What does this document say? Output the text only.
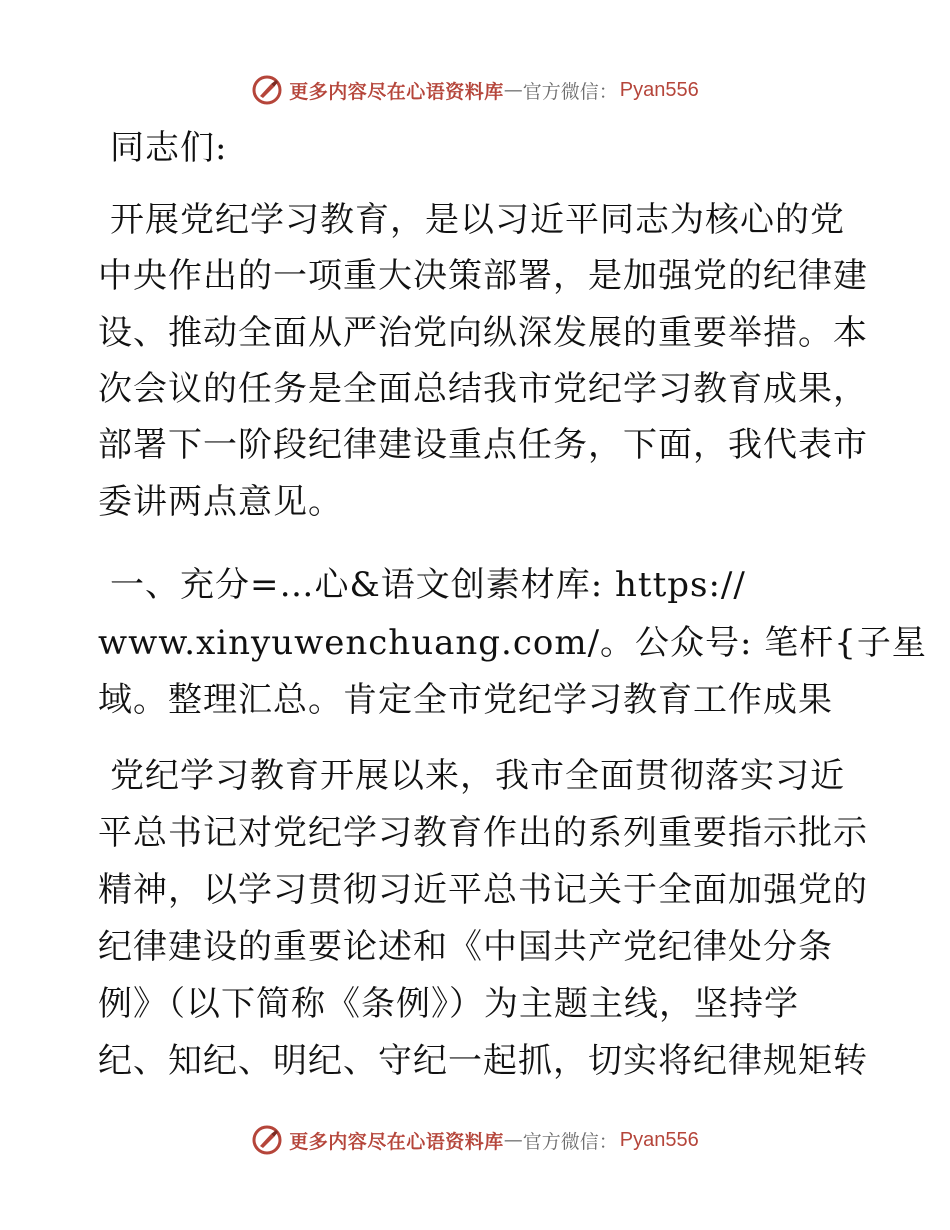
更多内容尽在心语资料库 — 官方微信： Pyan556
同志们:
开展党纪学习教育，是以习近平同志为核心的党
中央作出的一项重大决策部署，是加强党的纪律建
设、推动全面从严治党向纵深发展的重要举措。本
次会议的任务是全面总结我市党纪学习教育成果，
部署下一阶段纪律建设重点任务，下面，我代表市
委讲两点意见。
一、充分=…心&语文创素材库: https://
www.xinyuwenchuang.com/。公众号: 笔杆{子星
域。整理汇总。肯定全市党纪学习教育工作成果
党纪学习教育开展以来，我市全面贯彻落实习近
平总书记对党纪学习教育作出的系列重要指示批示
精神，以学习贯彻习近平总书记关于全面加强党的
纪律建设的重要论述和《中国共产党纪律处分条
例》（以下简称《条例》）为主题主线，坚持学
纪、知纪、明纪、守纪一起抓，切实将纪律规矩转
更多内容尽在心语资料库 — 官方微信： Pyan556
